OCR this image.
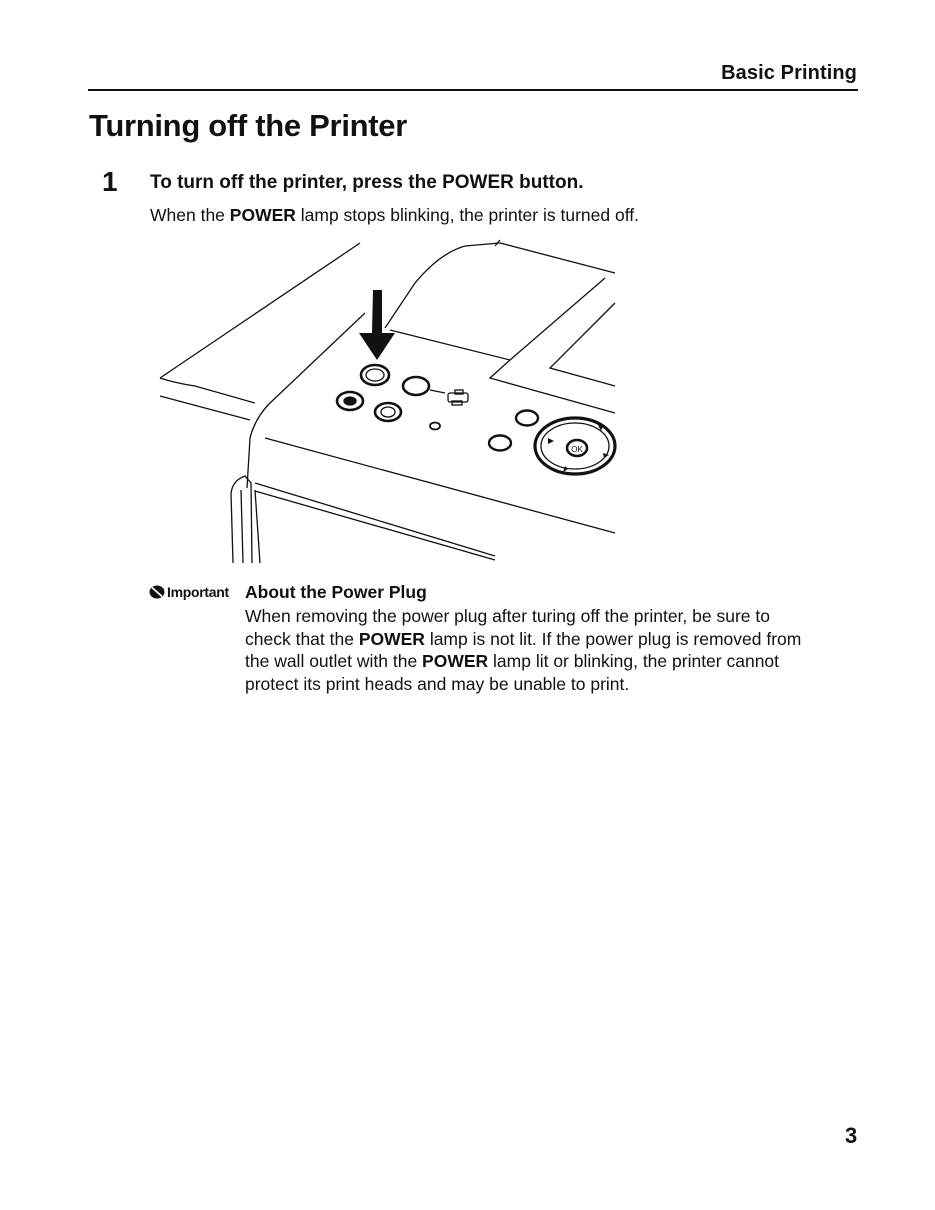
Basic Printing
Turning off the Printer
1 To turn off the printer, press the POWER button.
When the POWER lamp stops blinking, the printer is turned off.
OK
Important About the Power Plug

When removing the power plug after turing off the printer, be sure to

check that the POWER lamp is not lit. If the power plug is removed from

the wall outlet with the POWER lamp lit or blinking, the printer cannot

protect its print heads and may be unable to print.

3
